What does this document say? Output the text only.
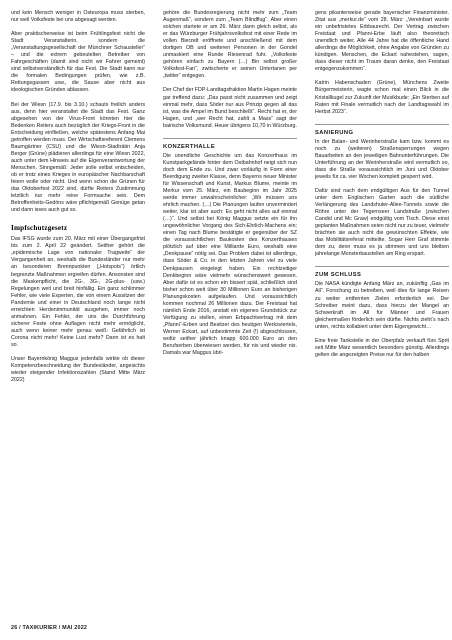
und kein Mensch weniger in Osteuropa muss sterben, nur weil Volksfeste bei uns abgesagt werden.

Aber praktischerweise ist beim Frühlingsfest nicht die Stadt Veranstalterin, sondern die „Veranstaltungsgesellschaft der Münchner Schausteller“ – und die extrem gebeutelten Betreiber von Fahrgeschäften (damit sind nicht wir Fahrer gemeint) sind selbstverständlich für das Fest. Die Stadt kann nur die formalen Bedingungen prüfen, wie z.B. Rettungsgassen usw., die Sause aber nicht aus ideologischen Gründen ablassen.

Bei der Wiesn (17.9. bis 3.10.) schauts freilich anders aus, denn hier veranstaltet die Stadt das Fest. Ganz abgesehen von der Virus-Front könnten hier die Bedenken Reiters auch bezüglich der Kriegs-Front in die Entscheidung einfließen, welche spätestens Anfang Mai getroffen werden muss. Der Wirtschaftsreferent Clemens Baumgärtner (CSU) und die Wiesn-Stadträtin Anja Berger (Grüne) plädieren allerdings für eine Wiesn 2022, auch unter dem Hinweis auf die Eigenverantwortung der Menschen. Sinngemäß: Jeder solle selbst entscheiden, ob er trotz eines Krieges in europäischer Nachbarschaft feiern wolle oder nicht. Und wenn schon die Grünen für das Oktoberfest 2022 sind, dürfte Reiters Zustimmung letztlich nur mehr reine Formsache sein. Dem Betroffenheits-Gedöns wäre pflichtgemäß Genüge getan und dann isses auch gut so.

Impfschutzgesetz

Das IFSG wurde zum 20. März mit einer Übergangsfrist bis zum 2. April 22 geändert. Seither gehört die „epidemische Lage von nationaler Tragweite“ der Vergangenheit an, weshalb die Bundesländer nur mehr an besonderen Brennpunkten („Hotspots“) örtlich begrenzte Maßnahmen ergreifen dürfen. Ansonsten sind die Maskenpflicht, die 2G-, 3G-, 2G-plus- (usw.) Regelungen weit und breit hinfällig. Ein ganz schlimmer Fehler, wie viele Experten, die von einem Aussitzen der Pandemie und einer in Deutschland noch lange nicht erreichten Herdenimmunität ausgehen, immer noch anmahnen. Ein Fehler, der uns die Durchführung sicherer Feste ohne Auflagen nicht mehr ermöglicht, auch wenn keiner mehr genau weiß: Gefährlich ist Corona nicht mehr! Keine Lust mehr? Dann ist es halt so.

Unser Bayernkönig Maggus jedenfalls wirkte ob dieser Kompetenzbeschneidung der Bundesländer, angesichts wieder steigender Infektionszahlen (Stand Mitte März 2022)

gehöre die Bundesregierung nicht mehr zum „Team Augenmaß“, sondern zum „Team Blindflug“. Aber einen solchen startete er am 26. März dann gleich selbst, als er das Würzburger Frühjahrsvolksfest mit einer Rede im vollen Bierzelt eröffnete und anschließend mit dem dortigen OB und weiteren Personen in der Gondel unmaskiert eine Runde Riesenrad fuhr. „Volksfeste gehören einfach zu Bayern (…) Bin selbst großer Volksfest-Fan“, zwitscherte er seinen Untertanen per „twitter“ entgegen.

Der Chef der FDP-Landtagsfraktion Martin Hagen meinte gar treffend dazu: „Das passt nicht zusammen und zeigt einmal mehr, dass Söder nur aus Prinzip gegen all das ist, was die Ampel im Bund beschließt“. Recht hat er, der Hagen, und „wer Recht hat, zahlt a Mass“ sagt der bairische Volksmund. Heuer übrigens 10,70 in Würzburg.

KONZERTHALLE

Die unendliche Geschichte um das Konzerthaus im Kunstparkgelände hinter dem Ostbahnhof neigt sich nun doch dem Ende zu. Und zwar vorläufig in Form einer Beerdigung zweiter Klasse, denn Bayerns neuer Minister für Wissenschaft und Kunst, Markus Blume, meinte im Merkur vom 25. März, ein Baubeginn im Jahr 2025 werde immer unwahrscheinlicher: „Wir müssen uns ehrlich machen. (…) Die Planungen laufen unvermindert weiter, klar ist aber auch: Es geht nicht alles auf einmal (…)“. Und selbst bei König Maggus setzte ein für ihn ungewöhnlicher Vorgang des Sich-Ehrlich-Machens ein: einen Tag nach Blume bestätigte er gegenüber der SZ die voraussichtlichen Baukosten des Konzerthauses plötzlich auf über eine Milliarde Euro, weshalb eine „Denkpause“ nötig sei. Das Problem dabei ist allerdings, dass Söder & Co. in den letzten Jahren viel zu viele Denkpausen eingelegt haben. Ein rechtzeitiger Denkbeginn wäre vielmehr wünschenswert gewesen. Aber dafür ist es schon ein bissert spät, schließlich sind bisher schon weit über 30 Millionen Euro an bisherigen Planungskosten aufgelaufen. Und voraussichtlich kommen nochmal 26 Millionen dazu. Der Freistaat hat nämlich Ende 2016, anstatt ein eigenes Grundstück zur Verfügung zu stellen, einen Erbpachtvertrag mit dem „Pfanni“-Erben und Besitzer des heutigen Werksviertels, Werner Eckart, auf unbestimmte Zeit (!) abgeschlossen, wofür seither jährlich knapp 600.000 Euro an den Berufserben überwiesen werden, für nix und wieder nix. Damals war Maggus übri-

gens pikanterweise gerade bayerischer Finanzminister. Zitat aus „merkur.de“ vom 28. März: „Vereinbart wurde ein unbefristetes Erbbaurecht. Der Vertrag zwischen Freistaat und Pfanni-Erbe läuft also theoretisch unendlich weiter. Alle 44 Jahre hat die öffentliche Hand allerdings die Möglichkeit, ohne Angabe von Gründen zu kündigen. Menschen, die Eckart nahestehen, sagen, dass dieser nicht im Traum daran denke, den Freistaat entgegenzukommen“.

Katrin Habenschaden (Grüne), Münchens Zweite Bürgermeisterin, wagte schon mal einen Blick in die Kristallkugel zur Zukunft der Musikbude: „Ein Sterben auf Raten mit Finale vermutlich nach der Landtagswahl im Herbst 2023“.

SANIERUNG

In der Balan- und Werinherstraße kam bzw. kommt es noch zu (weiteren) Straßensperrungen wegen Bauarbeiten an den jeweiligen Bahnunterführungen. Die Unterführung an der Werinherstraße wird vermutlich so, dass die Straße voraussichtlich im Juni und Oktober jeweils für ca. vier Wochen komplett gesperrt wird.

Dafür sind nach dem endgültigen Aus für den Tunnel unter dem Englischen Garten auch die südliche Verlängerung des Landshuter-Allee-Tunnels sowie die Röhre unter der Tegernseer Landstraße (zwischen Candid und Mc Graw) endgültig vom Tisch. Diese einst geplanten Maßnahmen seien nicht nur zu teuer, vielmehr brächten sie auch nicht die gewünschten Effekte, wie das Mobilitätsreferat mitteilte. Sogar Herr Graf stimmte dem zu, denn muss es ja stimmen und uns bleiben jahrelange Monsterbaustellen am Ring erspart.

ZUM SCHLUSS

Die NASA kündigte Anfang März an, zukünftig „Gas im All“. Forschung zu betreiben, weil dies für lange Reisen zu weiter entfernten Zielen erforderlich sei. Der Schreiber meint dazu, dass hierzu der Mangel an Schwerkraft im All für Männer und Frauen gleichermaßen förderlich sein dürfte. Nichts zieht‘s nach unten, nichts kollabiert unter dem Eigengewicht…

Eine freie Tankstelle in der Oberpfalz verkauft fürs Sprit seit Mitte März wesentlich besonders günstig. Allerdings gelten die angezeigten Preise nur für den halben

26 / TAXIKURIER / MAI 2022
